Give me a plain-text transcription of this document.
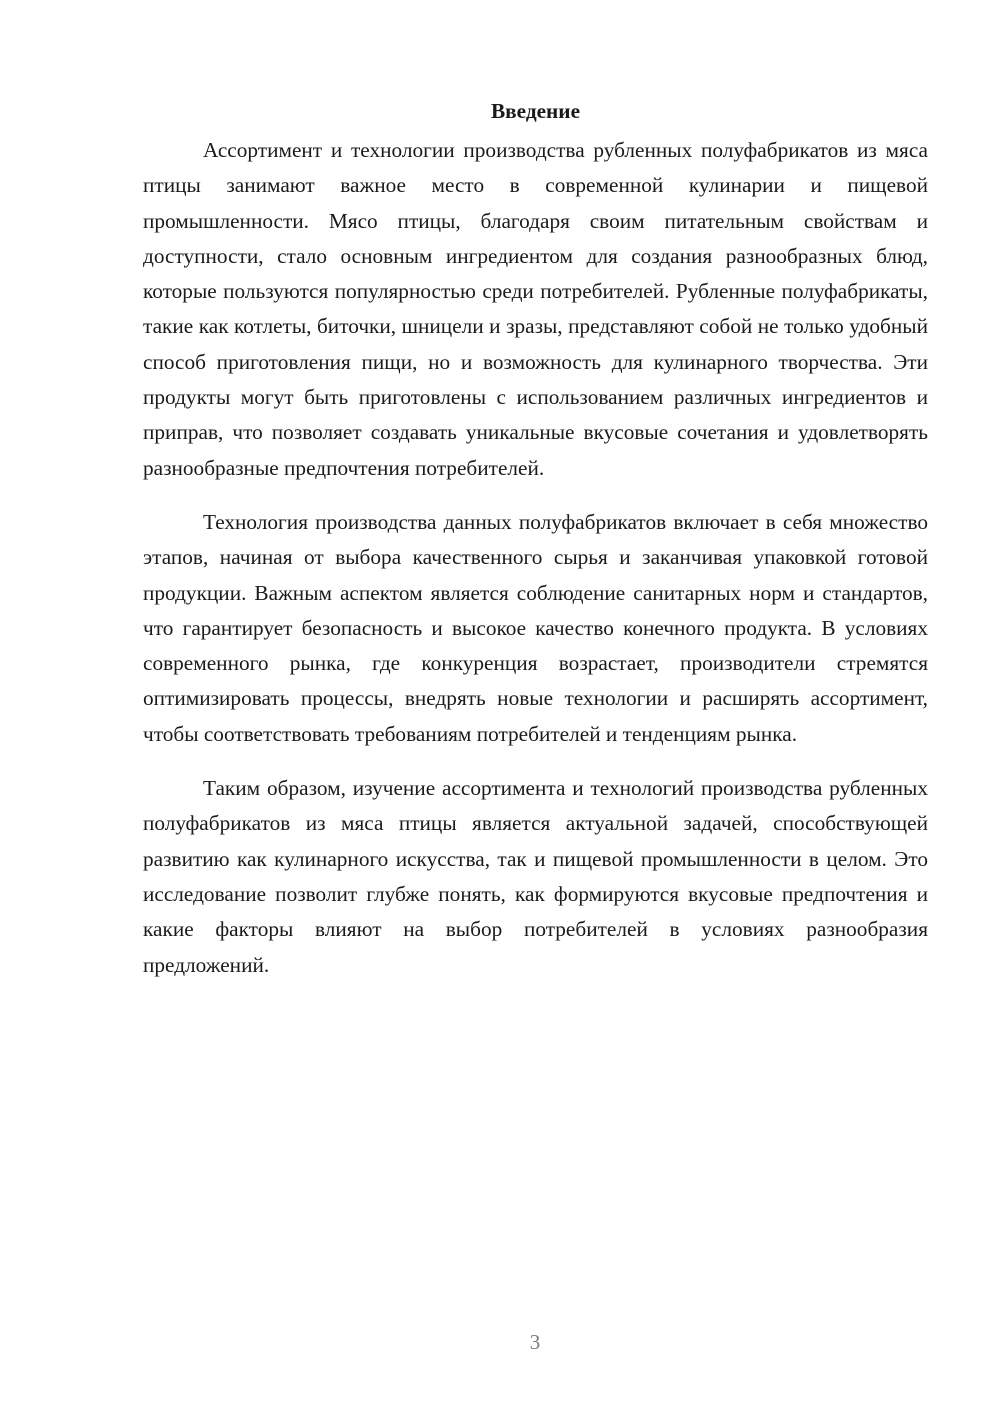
Введение

Ассортимент и технологии производства рубленных полуфабрикатов из мяса птицы занимают важное место в современной кулинарии и пищевой промышленности. Мясо птицы, благодаря своим питательным свойствам и доступности, стало основным ингредиентом для создания разнообразных блюд, которые пользуются популярностью среди потребителей. Рубленные полуфабрикаты, такие как котлеты, биточки, шницели и зразы, представляют собой не только удобный способ приготовления пищи, но и возможность для кулинарного творчества. Эти продукты могут быть приготовлены с использованием различных ингредиентов и приправ, что позволяет создавать уникальные вкусовые сочетания и удовлетворять разнообразные предпочтения потребителей.

Технология производства данных полуфабрикатов включает в себя множество этапов, начиная от выбора качественного сырья и заканчивая упаковкой готовой продукции. Важным аспектом является соблюдение санитарных норм и стандартов, что гарантирует безопасность и высокое качество конечного продукта. В условиях современного рынка, где конкуренция возрастает, производители стремятся оптимизировать процессы, внедрять новые технологии и расширять ассортимент, чтобы соответствовать требованиям потребителей и тенденциям рынка.

Таким образом, изучение ассортимента и технологий производства рубленных полуфабрикатов из мяса птицы является актуальной задачей, способствующей развитию как кулинарного искусства, так и пищевой промышленности в целом. Это исследование позволит глубже понять, как формируются вкусовые предпочтения и какие факторы влияют на выбор потребителей в условиях разнообразия предложений.

3
